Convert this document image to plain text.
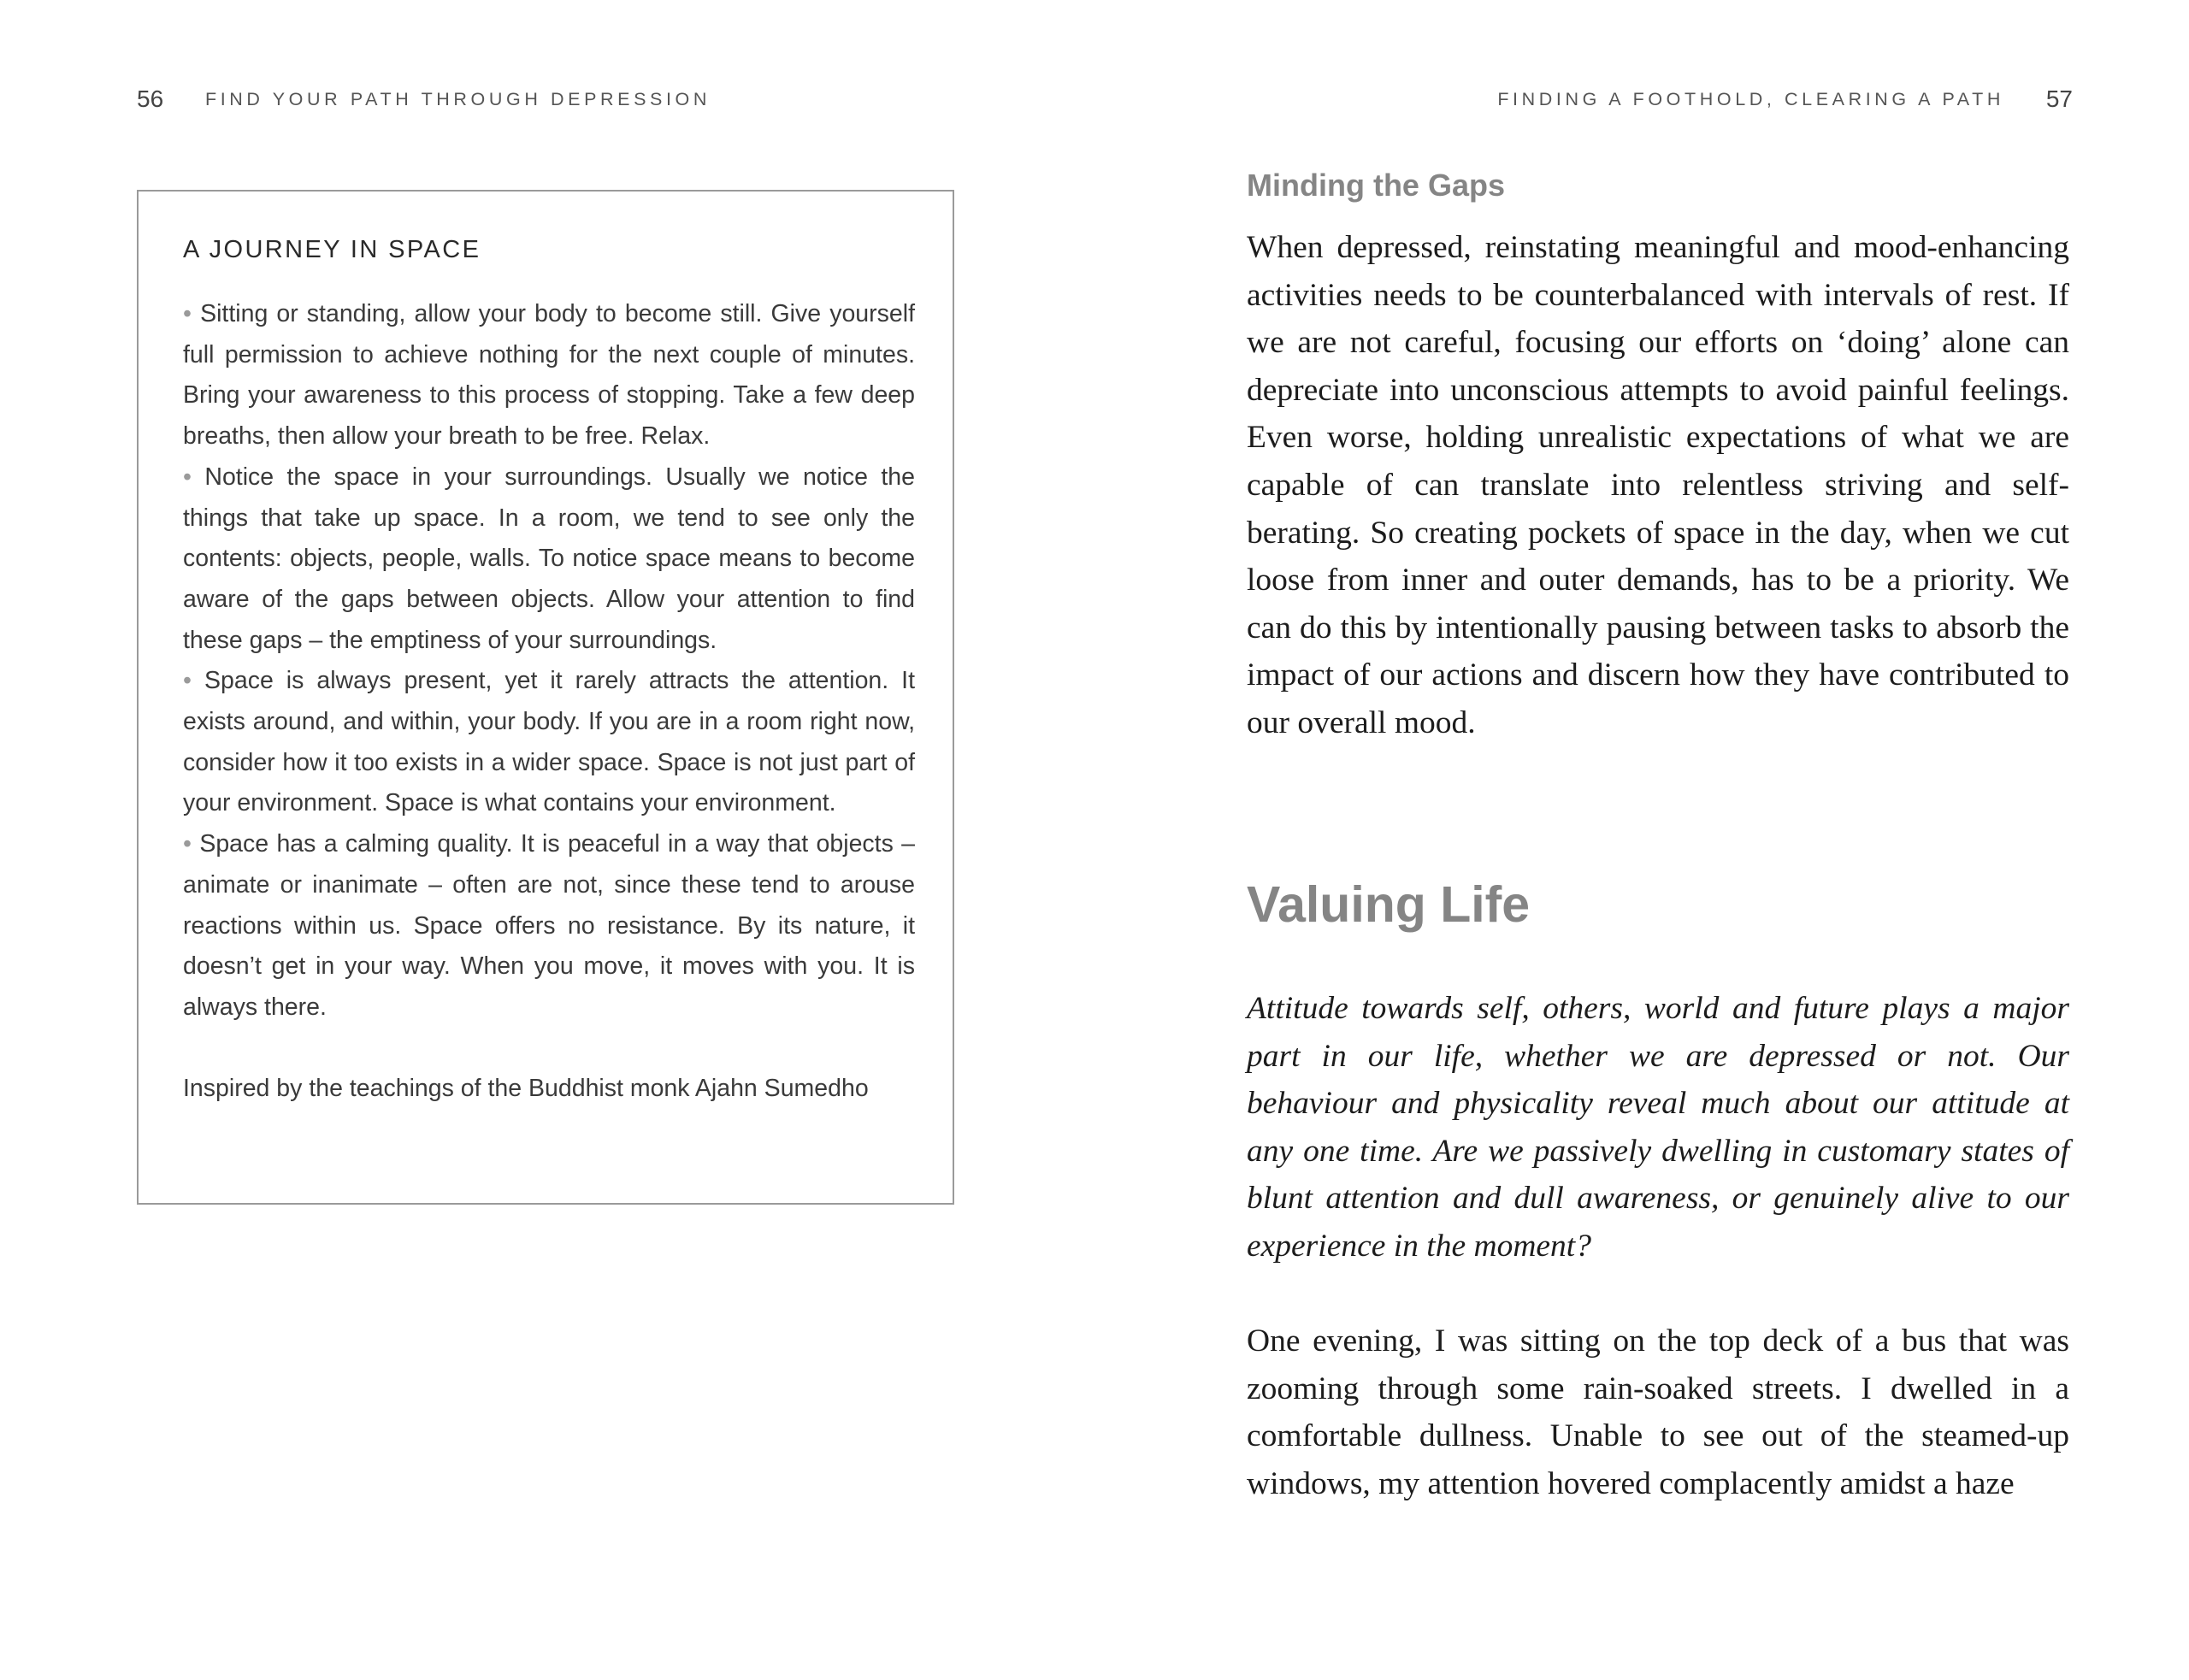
56 FIND YOUR PATH THROUGH DEPRESSION	FINDING A FOOTHOLD, CLEARING A PATH 57
A JOURNEY IN SPACE

• Sitting or standing, allow your body to become still. Give yourself full permission to achieve nothing for the next couple of minutes. Bring your awareness to this process of stopping. Take a few deep breaths, then allow your breath to be free. Relax.

• Notice the space in your surroundings. Usually we notice the things that take up space. In a room, we tend to see only the contents: objects, people, walls. To notice space means to become aware of the gaps between objects. Allow your attention to find these gaps – the emptiness of your surroundings.

• Space is always present, yet it rarely attracts the attention. It exists around, and within, your body. If you are in a room right now, consider how it too exists in a wider space. Space is not just part of your environment. Space is what contains your environment.

• Space has a calming quality. It is peaceful in a way that objects – animate or inanimate – often are not, since these tend to arouse reactions within us. Space offers no resistance. By its nature, it doesn’t get in your way. When you move, it moves with you. It is always there.

Inspired by the teachings of the Buddhist monk Ajahn Sumedho

Minding the Gaps

When depressed, reinstating meaningful and mood-enhancing activities needs to be counterbalanced with intervals of rest. If we are not careful, focusing our efforts on ‘doing’ alone can depreciate into unconscious attempts to avoid painful feelings. Even worse, holding unrealistic expectations of what we are capable of can translate into relentless striving and self-berating. So creating pockets of space in the day, when we cut loose from inner and outer demands, has to be a priority. We can do this by intentionally pausing between tasks to absorb the impact of our actions and discern how they have contributed to our overall mood.

Valuing Life

Attitude towards self, others, world and future plays a major part in our life, whether we are depressed or not. Our behaviour and physicality reveal much about our attitude at any one time. Are we passively dwelling in customary states of blunt attention and dull awareness, or genuinely alive to our experience in the moment?

One evening, I was sitting on the top deck of a bus that was zooming through some rain-soaked streets. I dwelled in a comfortable dullness. Unable to see out of the steamed-up windows, my attention hovered complacently amidst a haze
